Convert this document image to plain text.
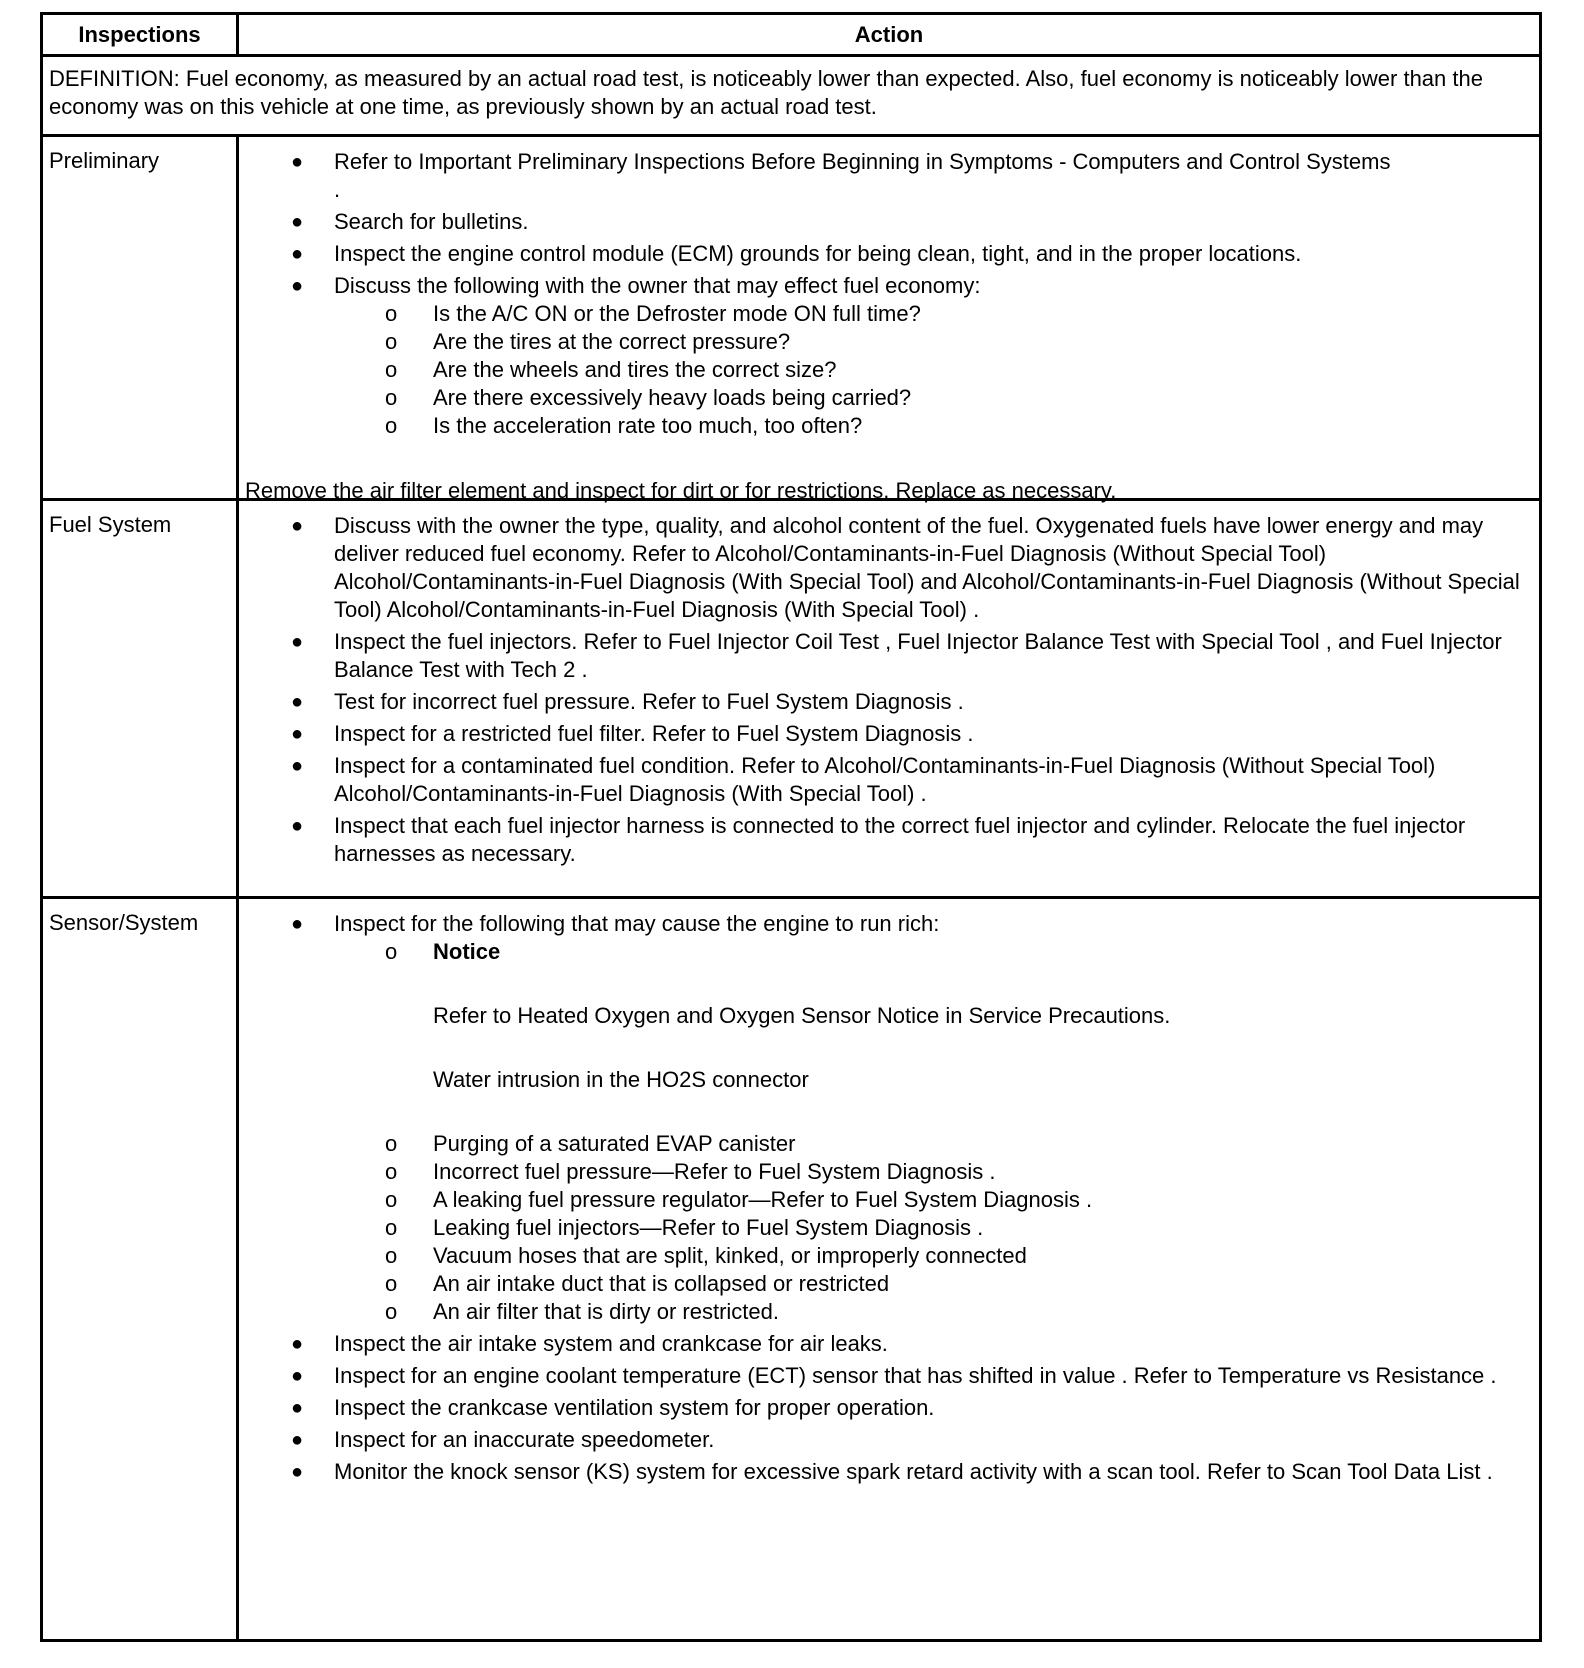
Inspections	Action
DEFINITION: Fuel economy, as measured by an actual road test, is noticeably lower than expected. Also, fuel economy is noticeably lower than the economy was on this vehicle at one time, as previously shown by an actual road test.
Preliminary	● Refer to Important Preliminary Inspections Before Beginning in Symptoms - Computers and Control Systems
.
● Search for bulletins.
● Inspect the engine control module (ECM) grounds for being clean, tight, and in the proper locations.
● Discuss the following with the owner that may effect fuel economy:
o Is the A/C ON or the Defroster mode ON full time?
o Are the tires at the correct pressure?
o Are the wheels and tires the correct size?
o Are there excessively heavy loads being carried?
o Is the acceleration rate too much, too often?
Remove the air filter element and inspect for dirt or for restrictions. Replace as necessary.
Fuel System	● Discuss with the owner the type, quality, and alcohol content of the fuel. Oxygenated fuels have lower energy and may deliver reduced fuel economy. Refer to Alcohol/Contaminants-in-Fuel Diagnosis (Without Special Tool) Alcohol/Contaminants-in-Fuel Diagnosis (With Special Tool) and Alcohol/Contaminants-in-Fuel Diagnosis (Without Special Tool) Alcohol/Contaminants-in-Fuel Diagnosis (With Special Tool) .
● Inspect the fuel injectors. Refer to Fuel Injector Coil Test , Fuel Injector Balance Test with Special Tool , and Fuel Injector Balance Test with Tech 2 .
● Test for incorrect fuel pressure. Refer to Fuel System Diagnosis .
● Inspect for a restricted fuel filter. Refer to Fuel System Diagnosis .
● Inspect for a contaminated fuel condition. Refer to Alcohol/Contaminants-in-Fuel Diagnosis (Without Special Tool) Alcohol/Contaminants-in-Fuel Diagnosis (With Special Tool) .
● Inspect that each fuel injector harness is connected to the correct fuel injector and cylinder. Relocate the fuel injector harnesses as necessary.
Sensor/System	● Inspect for the following that may cause the engine to run rich:
o Notice
Refer to Heated Oxygen and Oxygen Sensor Notice in Service Precautions.
Water intrusion in the HO2S connector
o Purging of a saturated EVAP canister
o Incorrect fuel pressure—Refer to Fuel System Diagnosis .
o A leaking fuel pressure regulator—Refer to Fuel System Diagnosis .
o Leaking fuel injectors—Refer to Fuel System Diagnosis .
o Vacuum hoses that are split, kinked, or improperly connected
o An air intake duct that is collapsed or restricted
o An air filter that is dirty or restricted.
● Inspect the air intake system and crankcase for air leaks.
● Inspect for an engine coolant temperature (ECT) sensor that has shifted in value . Refer to Temperature vs Resistance .
● Inspect the crankcase ventilation system for proper operation.
● Inspect for an inaccurate speedometer.
● Monitor the knock sensor (KS) system for excessive spark retard activity with a scan tool. Refer to Scan Tool Data List .
